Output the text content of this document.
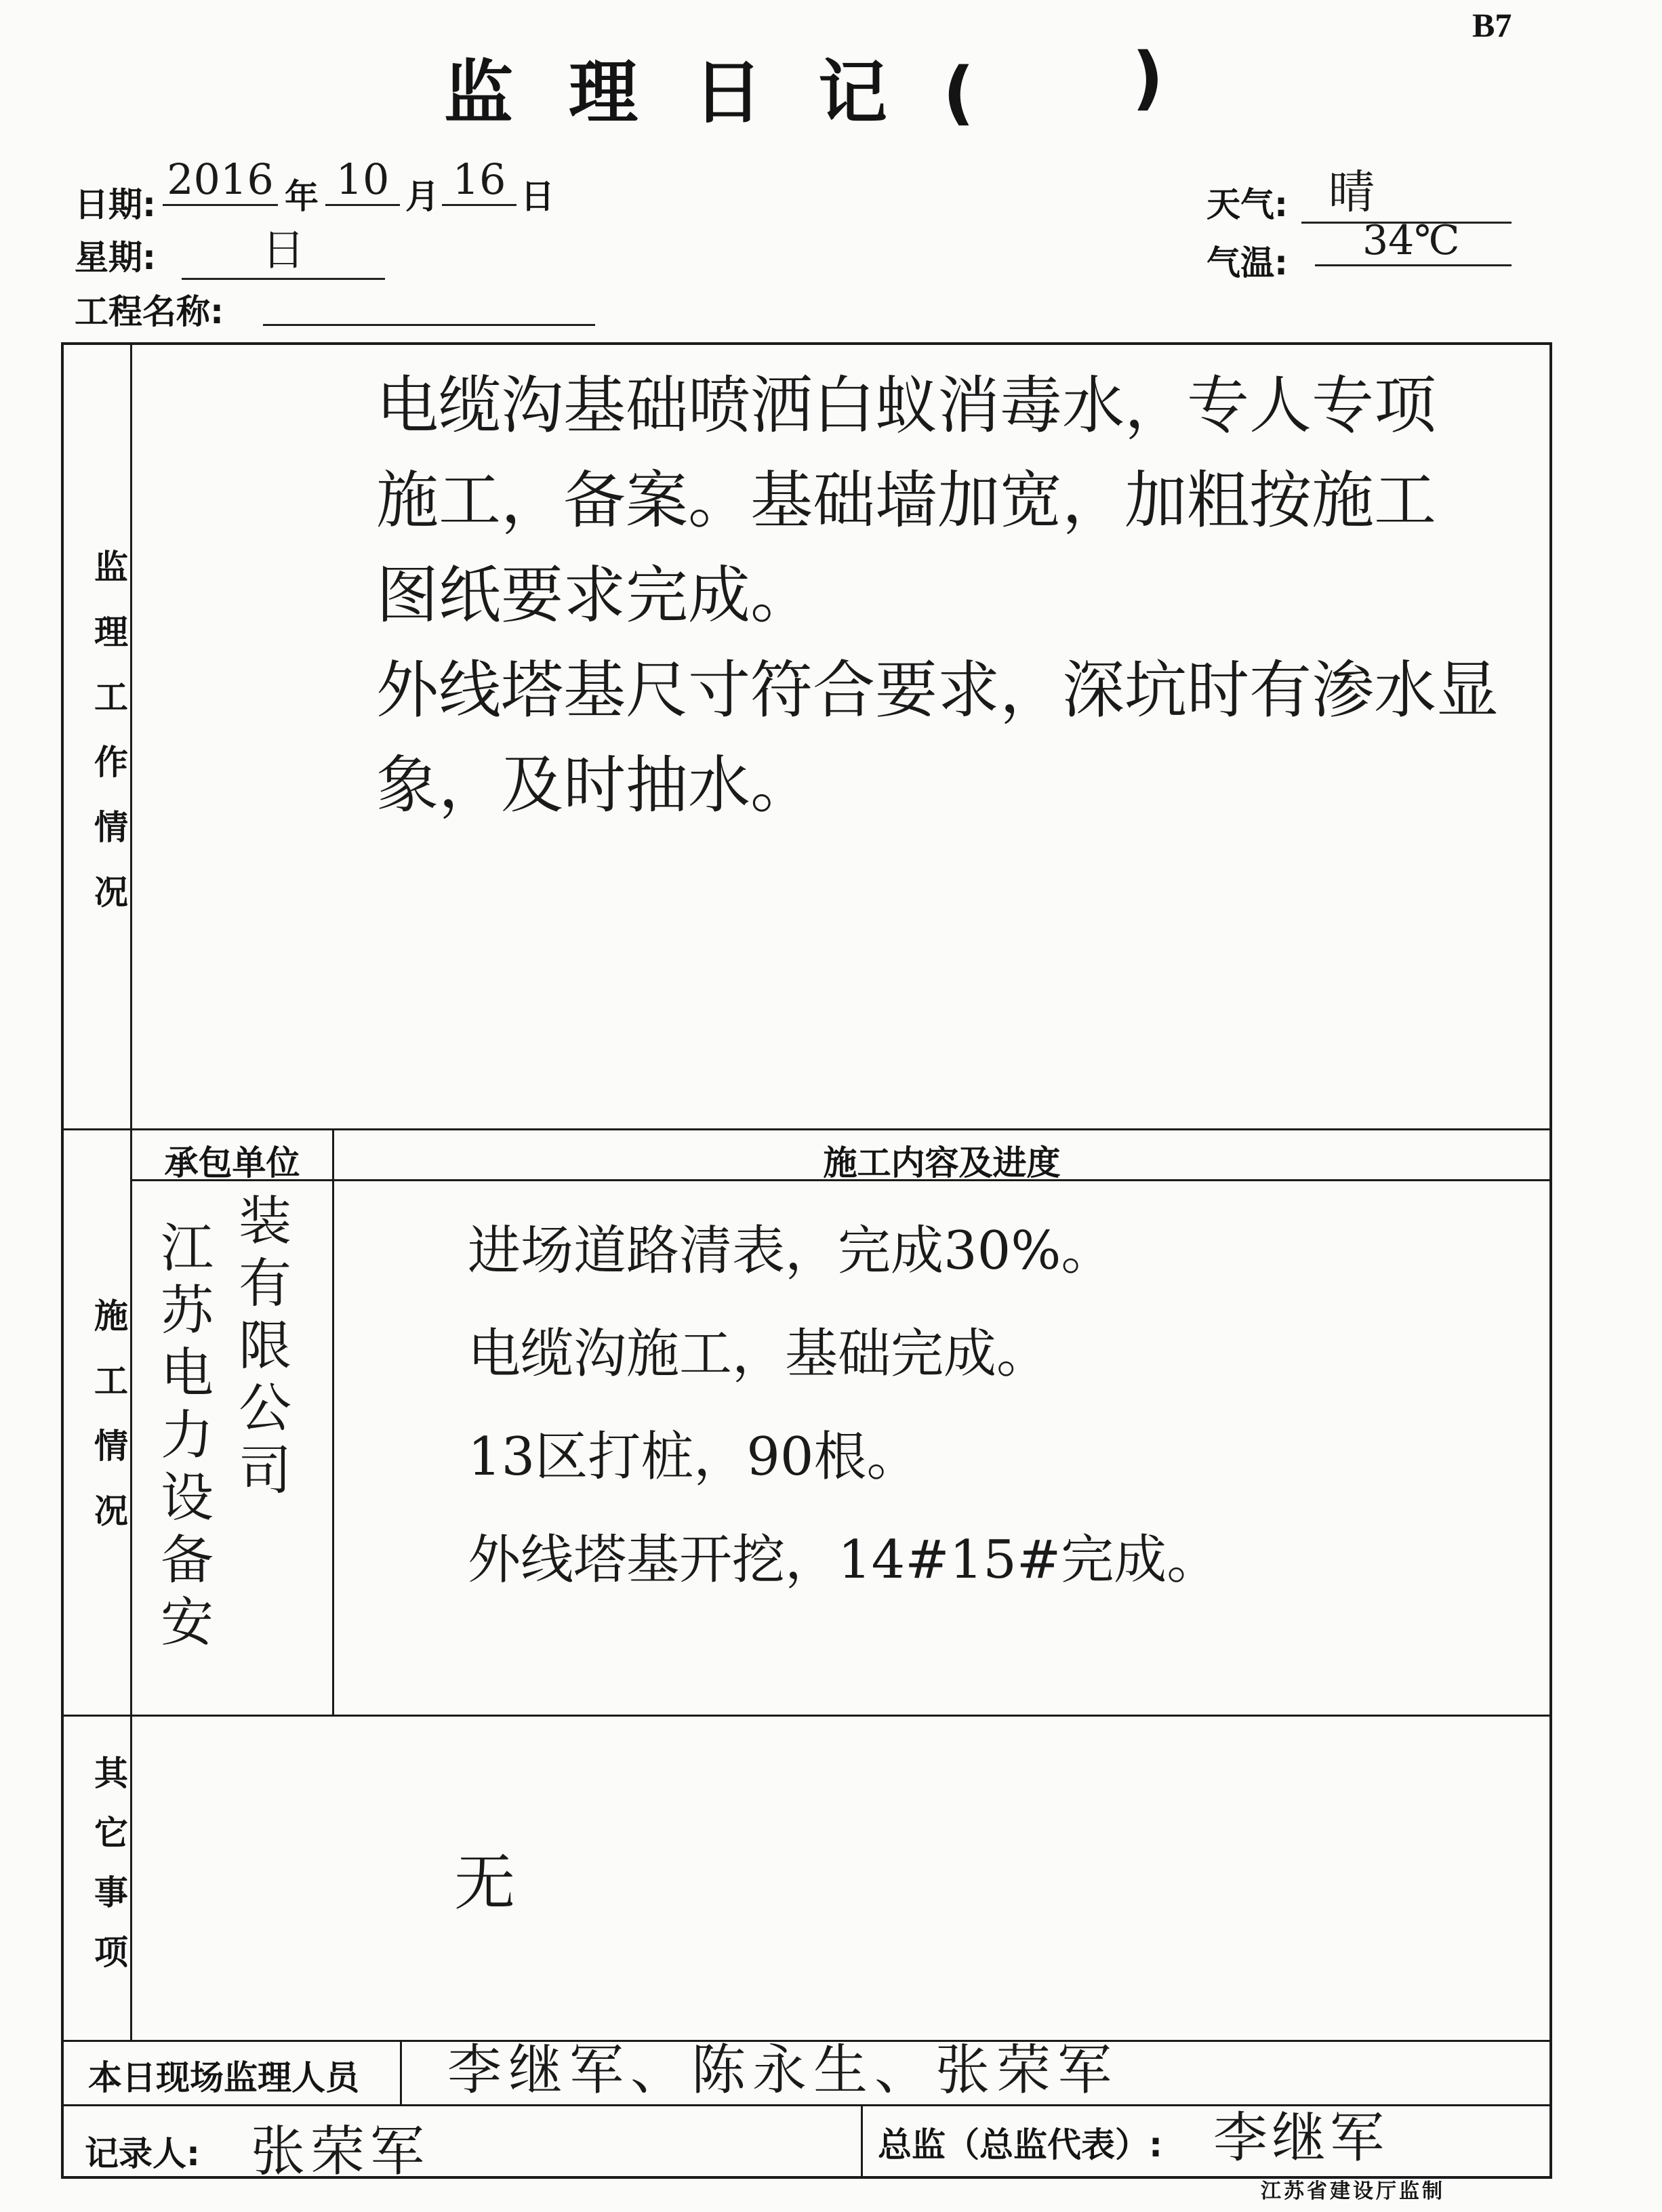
B7
监理日记( )
日期:
2016 年 10 月 16 日
星期:	日
工程名称:
天气: 晴
气温:	34℃
监理工作情况

电缆沟基础喷洒白蚁消毒水，专人专项

施工，备案。基础墙加宽，加粗按施工

图纸要求完成。

外线塔基尺寸符合要求，深坑时有渗水显

象，及时抽水。

施工情况
承包单位	施工内容及进度
江苏电力设备安 装有限公司	进场道路清表，完成30%。

电缆沟施工，基础完成。

13区打桩，90根。

外线塔基开挖，14#15#完成。

其它事项	无
本日现场监理人员 李继军、陈永生、张荣军
记录人: 张荣军	总监（总监代表）: 李继军
江苏省建设厅监制
